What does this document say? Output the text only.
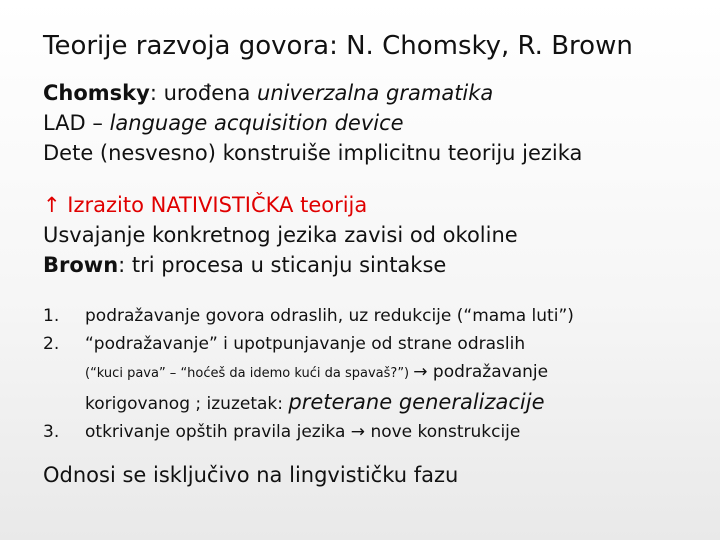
Teorije razvoja govora: N. Chomsky, R. Brown
Chomsky: urođena univerzalna gramatika
LAD – language acquisition device
Dete (nesvesno) konstruiše implicitnu teoriju jezika
↑ Izrazito NATIVISTIČKA teorija
Usvajanje konkretnog jezika zavisi od okoline
Brown: tri procesa u sticanju sintakse
1.	podražavanje govora odraslih, uz redukcije (“mama luti”)
2.	“podražavanje” i upotpunjavanje od strane odraslih
(“kuci pava” – “hoćeš da idemo kući da spavaš?”) → podražavanje
korigovanog ; izuzetak: preterane generalizacije
3.	otkrivanje opštih pravila jezika → nove konstrukcije
Odnosi se isključivo na lingvističku fazu
